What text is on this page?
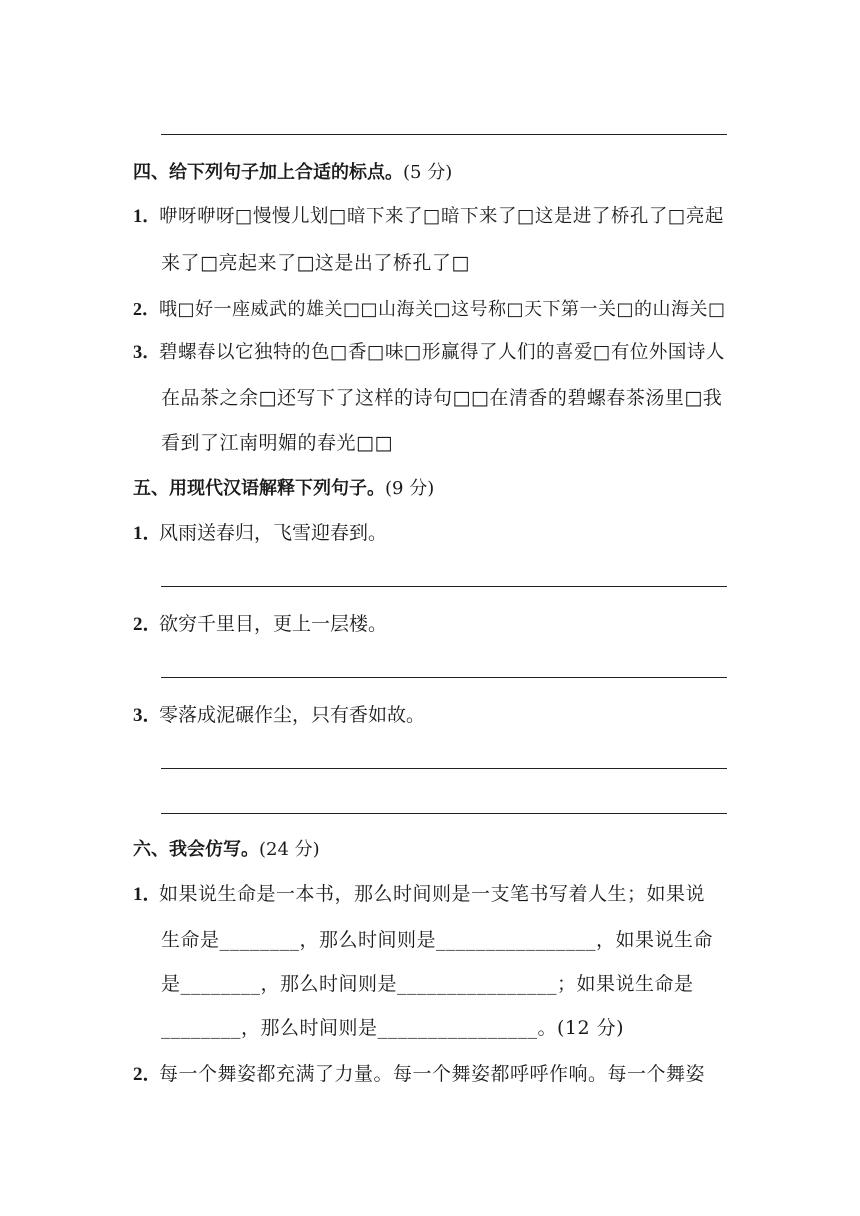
四、给下列句子加上合适的标点。(5 分)
1．咿呀咿呀□慢慢儿划□暗下来了□暗下来了□这是进了桥孔了□亮起
来了□亮起来了□这是出了桥孔了□
2．哦□好一座威武的雄关□□山海关□这号称□天下第一关□的山海关□
3．碧螺春以它独特的色□香□味□形赢得了人们的喜爱□有位外国诗人
在品茶之余□还写下了这样的诗句□□在清香的碧螺春茶汤里□我
看到了江南明媚的春光□□
五、用现代汉语解释下列句子。(9 分)
1．风雨送春归，飞雪迎春到。
2．欲穷千里目，更上一层楼。
3．零落成泥碾作尘，只有香如故。
六、我会仿写。(24 分)
1．如果说生命是一本书，那么时间则是一支笔书写着人生；如果说
生命是________，那么时间则是________________，如果说生命
是________，那么时间则是________________；如果说生命是
________，那么时间则是________________。(12 分)
2．每一个舞姿都充满了力量。每一个舞姿都呼呼作响。每一个舞姿
